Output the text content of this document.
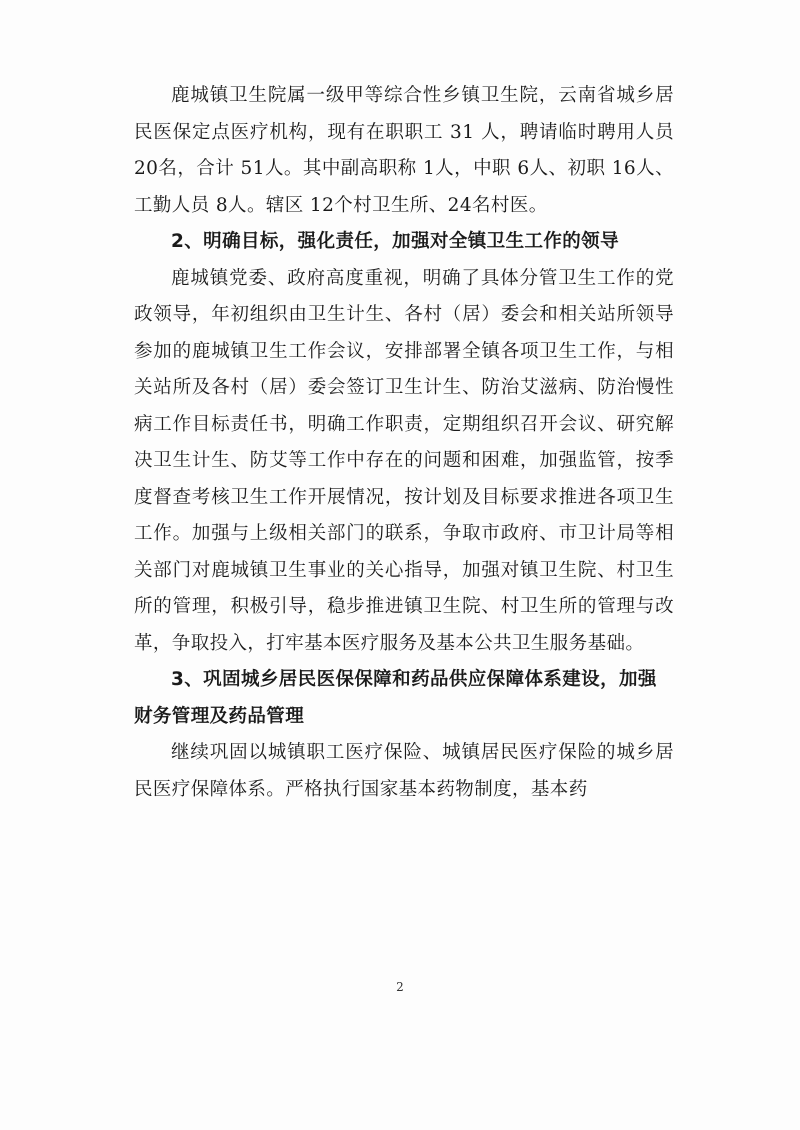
鹿城镇卫生院属一级甲等综合性乡镇卫生院，云南省城乡居民医保定点医疗机构，现有在职职工 31 人，聘请临时聘用人员 20名，合计 51人。其中副高职称 1人，中职 6人、初职 16人、工勤人员 8人。辖区 12个村卫生所、24名村医。

2、明确目标，强化责任，加强对全镇卫生工作的领导

鹿城镇党委、政府高度重视，明确了具体分管卫生工作的党政领导，年初组织由卫生计生、各村（居）委会和相关站所领导参加的鹿城镇卫生工作会议，安排部署全镇各项卫生工作，与相关站所及各村（居）委会签订卫生计生、防治艾滋病、防治慢性病工作目标责任书，明确工作职责，定期组织召开会议、研究解决卫生计生、防艾等工作中存在的问题和困难，加强监管，按季度督查考核卫生工作开展情况，按计划及目标要求推进各项卫生工作。加强与上级相关部门的联系，争取市政府、市卫计局等相关部门对鹿城镇卫生事业的关心指导，加强对镇卫生院、村卫生所的管理，积极引导，稳步推进镇卫生院、村卫生所的管理与改革，争取投入，打牢基本医疗服务及基本公共卫生服务基础。

3、巩固城乡居民医保保障和药品供应保障体系建设，加强财务管理及药品管理

继续巩固以城镇职工医疗保险、城镇居民医疗保险的城乡居民医疗保障体系。严格执行国家基本药物制度，基本药

2
